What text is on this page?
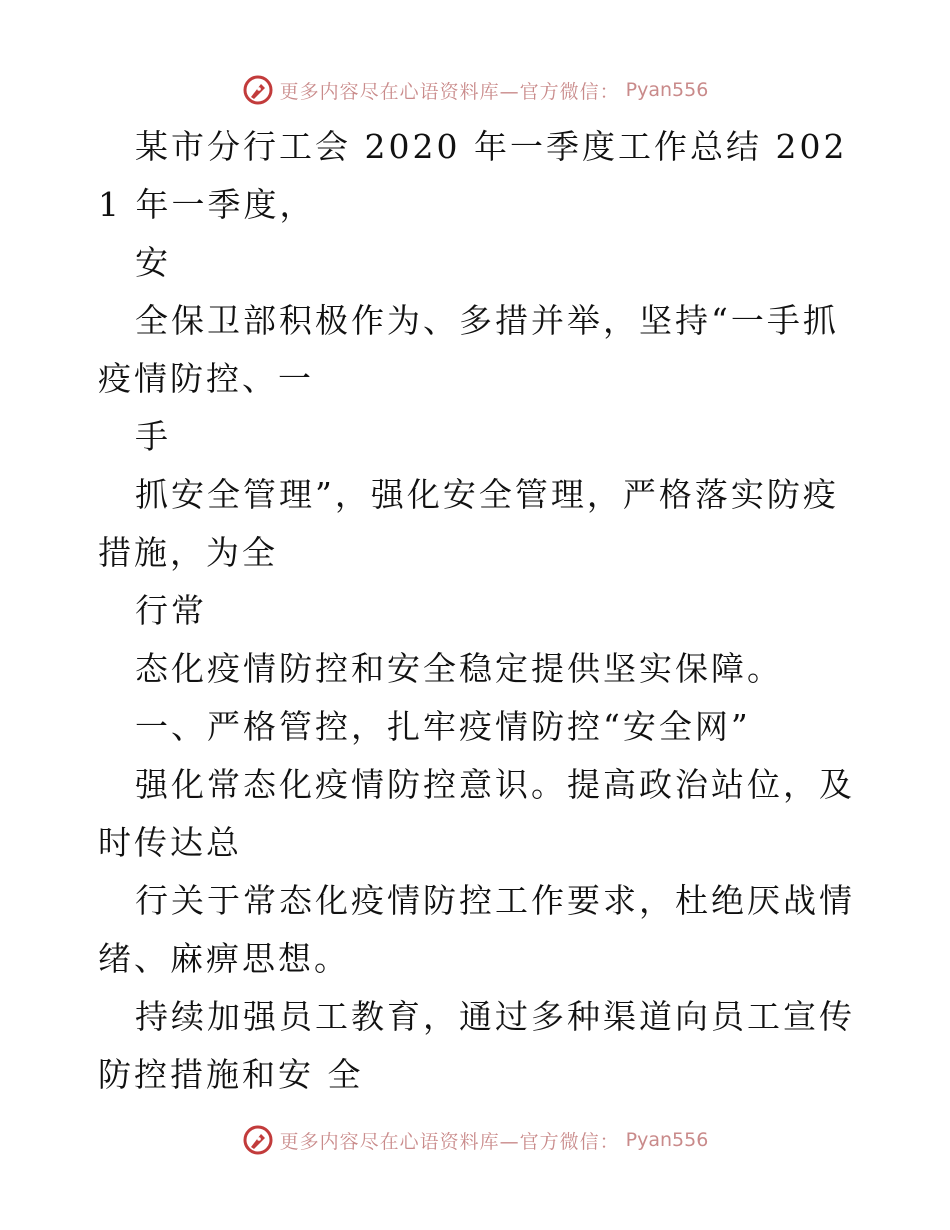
更多内容尽在心语资料库—官方微信： Pyan556

某市分行工会 2020 年一季度工作总结 2021 年一季度，

安

全保卫部积极作为、多措并举，坚持“一手抓疫情防控、一

手

抓安全管理”，强化安全管理，严格落实防疫措施，为全

行常

态化疫情防控和安全稳定提供坚实保障。

一、严格管控，扎牢疫情防控“安全网”

强化常态化疫情防控意识。提高政治站位，及时传达总

行关于常态化疫情防控工作要求，杜绝厌战情绪、麻痹思想。

持续加强员工教育，通过多种渠道向员工宣传防控措施和安 全

更多内容尽在心语资料库—官方微信： Pyan556
